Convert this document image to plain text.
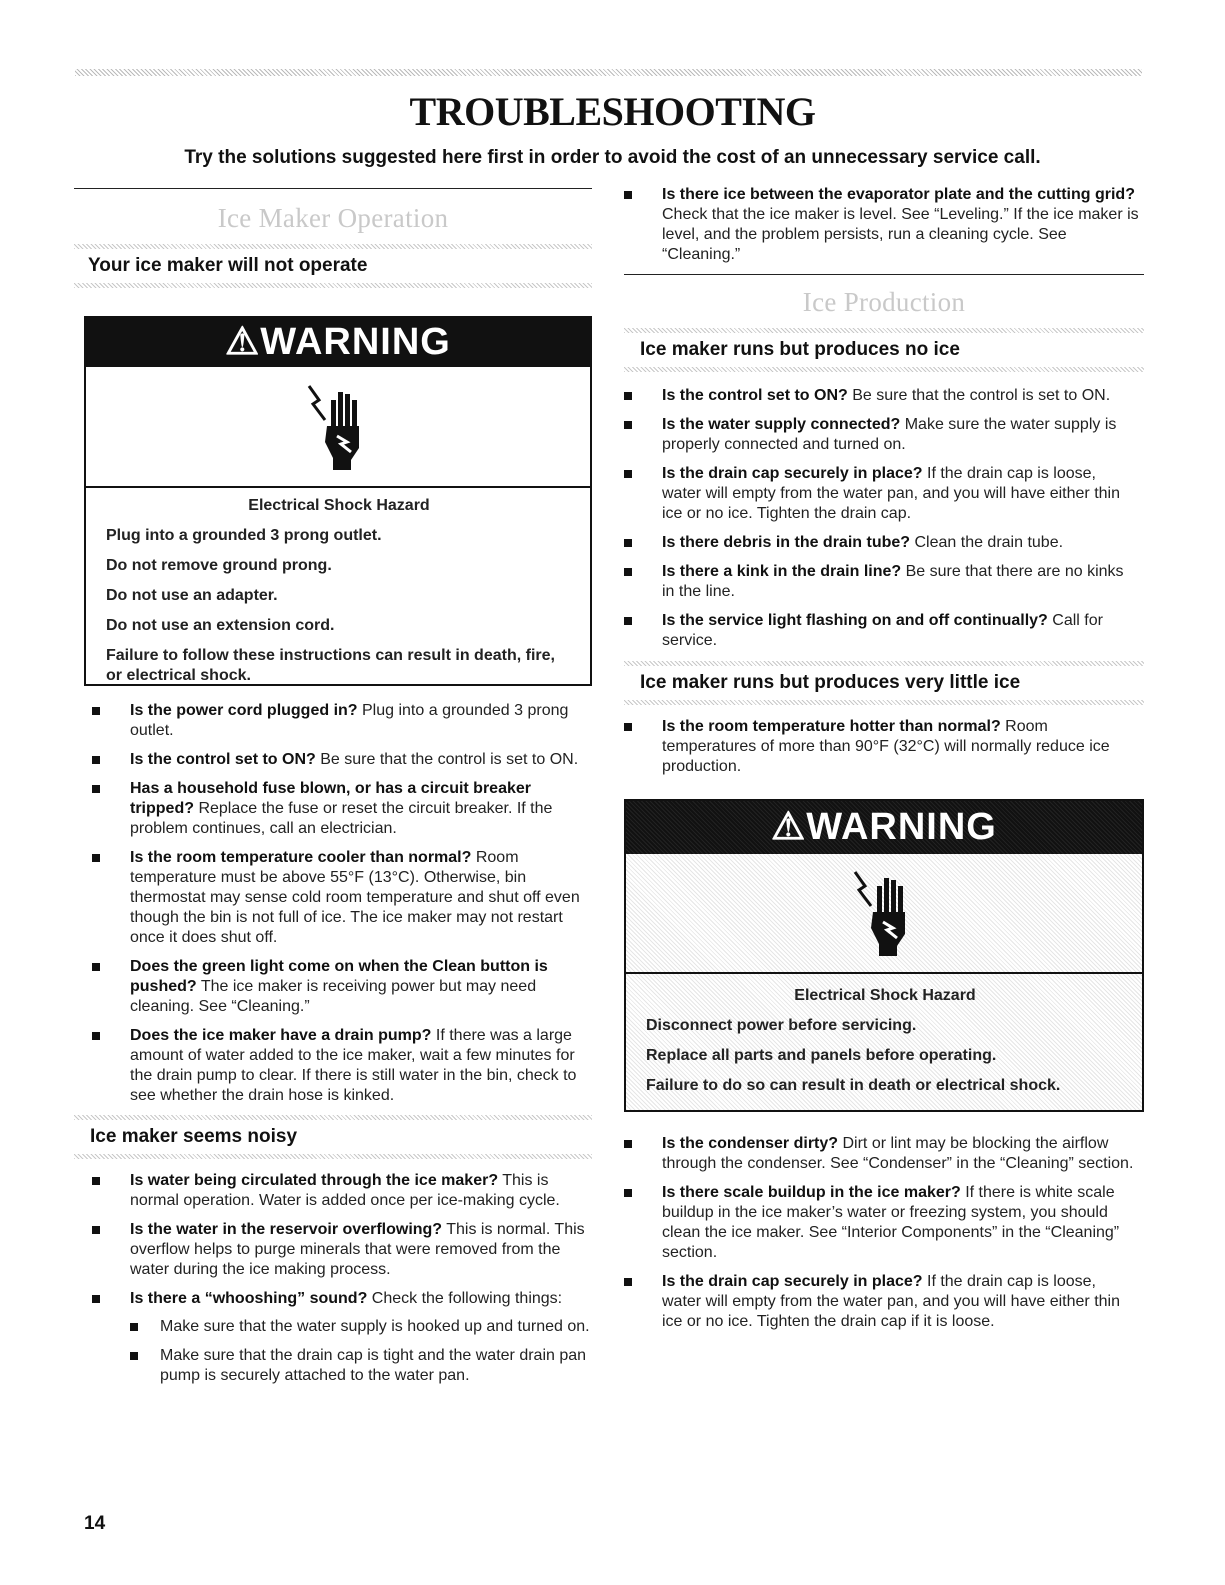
TROUBLESHOOTING
Try the solutions suggested here first in order to avoid the cost of an unnecessary service call.
Ice Maker Operation
Your ice maker will not operate
⚠WARNING

Electrical Shock Hazard

Plug into a grounded 3 prong outlet.

Do not remove ground prong.

Do not use an adapter.

Do not use an extension cord.

Failure to follow these instructions can result in death, fire, or electrical shock.

Is the power cord plugged in? Plug into a grounded 3 prong outlet.
Is the control set to ON? Be sure that the control is set to ON.
Has a household fuse blown, or has a circuit breaker tripped? Replace the fuse or reset the circuit breaker. If the problem continues, call an electrician.
Is the room temperature cooler than normal? Room temperature must be above 55°F (13°C). Otherwise, bin thermostat may sense cold room temperature and shut off even though the bin is not full of ice. The ice maker may not restart once it does shut off.
Does the green light come on when the Clean button is pushed? The ice maker is receiving power but may need cleaning. See “Cleaning.”
Does the ice maker have a drain pump? If there was a large amount of water added to the ice maker, wait a few minutes for the drain pump to clear. If there is still water in the bin, check to see whether the drain hose is kinked.
Ice maker seems noisy
Is water being circulated through the ice maker? This is normal operation. Water is added once per ice-making cycle.
Is the water in the reservoir overflowing? This is normal. This overflow helps to purge minerals that were removed from the water during the ice making process.
Is there a “whooshing” sound? Check the following things:
Make sure that the water supply is hooked up and turned on.
Make sure that the drain cap is tight and the water drain pan pump is securely attached to the water pan.
Is there ice between the evaporator plate and the cutting grid? Check that the ice maker is level. See “Leveling.” If the ice maker is level, and the problem persists, run a cleaning cycle. See “Cleaning.”
Ice Production
Ice maker runs but produces no ice
Is the control set to ON? Be sure that the control is set to ON.
Is the water supply connected? Make sure the water supply is properly connected and turned on.
Is the drain cap securely in place? If the drain cap is loose, water will empty from the water pan, and you will have either thin ice or no ice. Tighten the drain cap.
Is there debris in the drain tube? Clean the drain tube.
Is there a kink in the drain line? Be sure that there are no kinks in the line.
Is the service light flashing on and off continually? Call for service.
Ice maker runs but produces very little ice
Is the room temperature hotter than normal? Room temperatures of more than 90°F (32°C) will normally reduce ice production.
⚠WARNING

Electrical Shock Hazard

Disconnect power before servicing.

Replace all parts and panels before operating.

Failure to do so can result in death or electrical shock.

Is the condenser dirty? Dirt or lint may be blocking the airflow through the condenser. See “Condenser” in the “Cleaning” section.
Is there scale buildup in the ice maker? If there is white scale buildup in the ice maker’s water or freezing system, you should clean the ice maker. See “Interior Components” in the “Cleaning” section.
Is the drain cap securely in place? If the drain cap is loose, water will empty from the water pan, and you will have either thin ice or no ice. Tighten the drain cap if it is loose.
14
